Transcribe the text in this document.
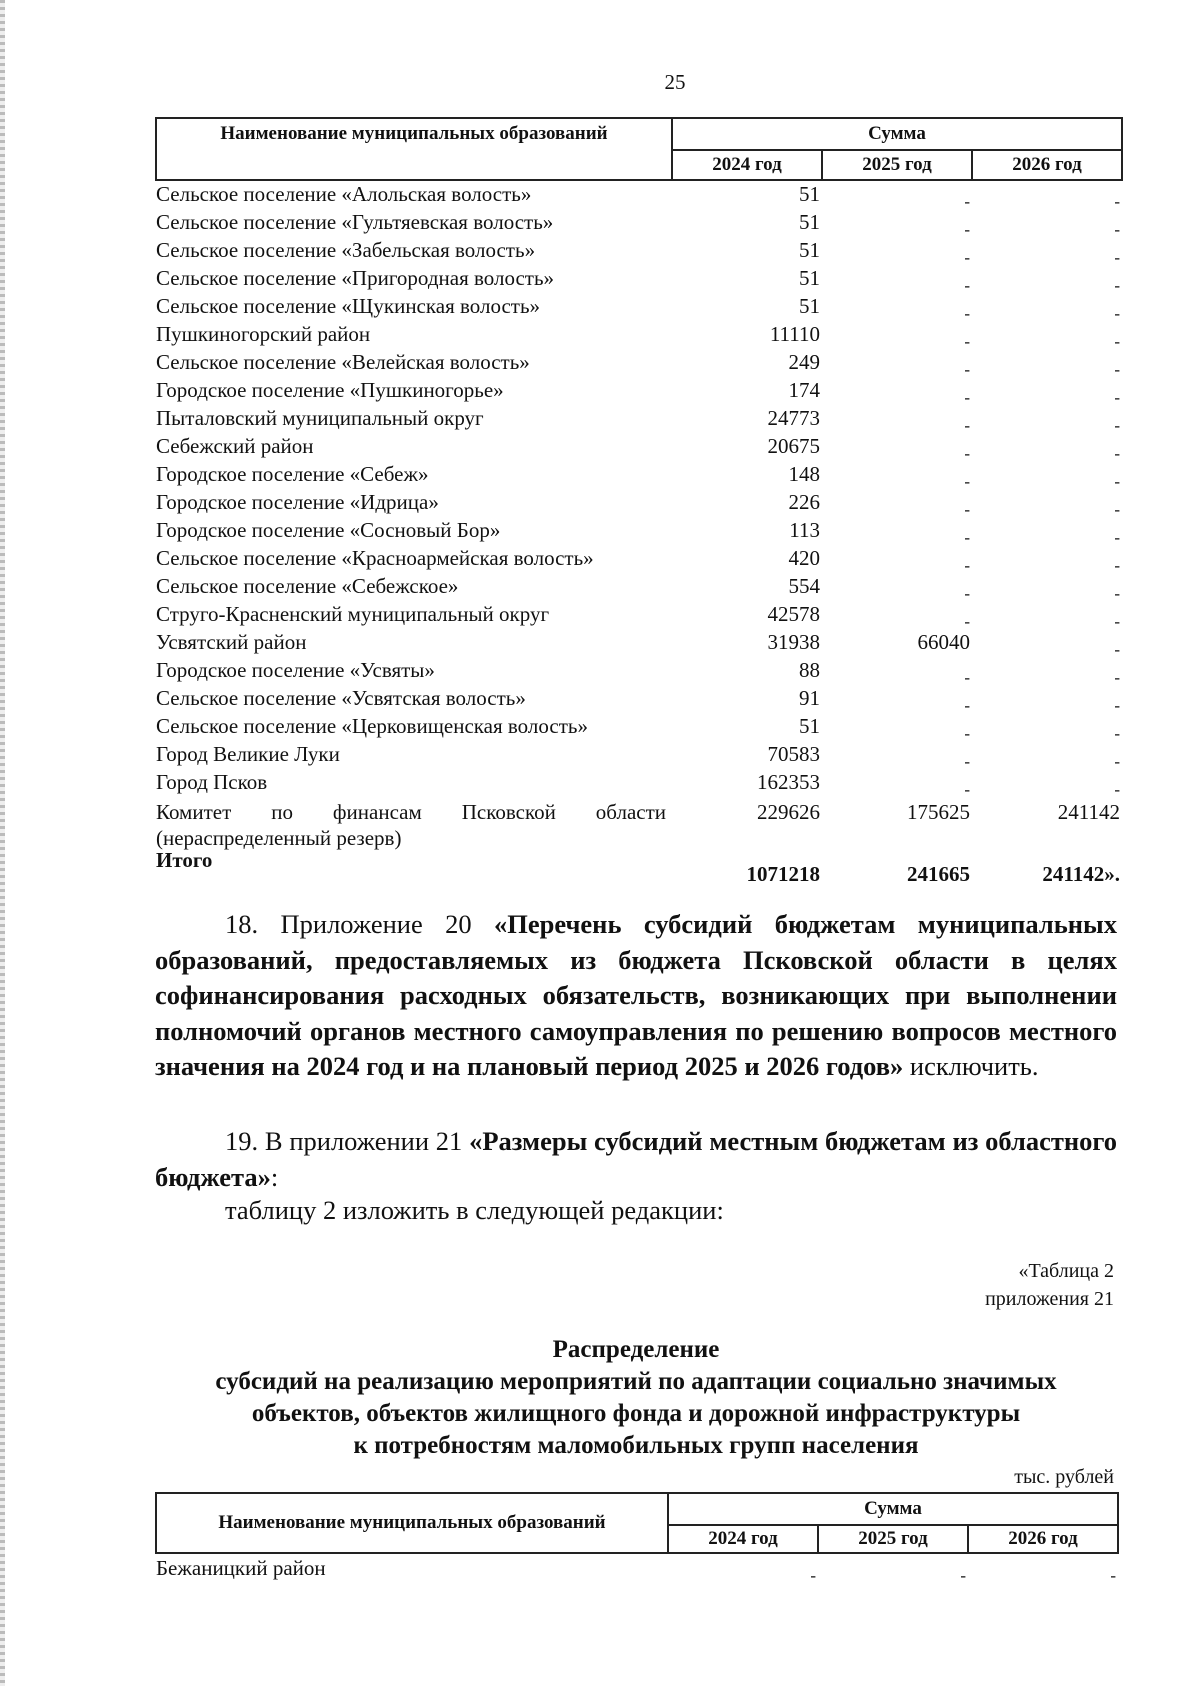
25
Наименование муниципальных образований	Сумма		
	2024 год	2025 год	2026 год
Сельское поселение «Алольская волость»	51	-	-
Сельское поселение «Гультяевская волость»	51	-	-
Сельское поселение «Забельская волость»	51	-	-
Сельское поселение «Пригородная волость»	51	-	-
Сельское поселение «Щукинская волость»	51	-	-
Пушкиногорский район	11110	-	-
Сельское поселение «Велейская волость»	249	-	-
Городское поселение «Пушкиногорье»	174	-	-
Пыталовский муниципальный округ	24773	-	-
Себежский район	20675	-	-
Городское поселение «Себеж»	148	-	-
Городское поселение «Идрица»	226	-	-
Городское поселение «Сосновый Бор»	113	-	-
Сельское поселение «Красноармейская волость»	420	-	-
Сельское поселение «Себежское»	554	-	-
Струго-Красненский муниципальный округ	42578	-	-
Усвятский район	31938	66040	-
Городское поселение «Усвяты»	88	-	-
Сельское поселение «Усвятская волость»	91	-	-
Сельское поселение «Церковищенская волость»	51	-	-
Город Великие Луки	70583	-	-
Город Псков	162353	-	-

Комитет по финансам Псковской области
(нераспределенный резерв)	229626	175625	241142
Итого	1071218	241665	241142».
18. Приложение 20 «Перечень субсидий бюджетам муниципальных образований, предоставляемых из бюджета Псковской области в целях софинансирования расходных обязательств, возникающих при выполнении полномочий органов местного самоуправления по решению вопросов местного значения на 2024 год и на плановый период 2025 и 2026 годов» исключить.
19. В приложении 21 «Размеры субсидий местным бюджетам из областного бюджета»:
таблицу 2 изложить в следующей редакции:
«Таблица 2
приложения 21
Распределение
субсидий на реализацию мероприятий по адаптации социально значимых
объектов, объектов жилищного фонда и дорожной инфраструктуры
к потребностям маломобильных групп населения
тыс. рублей
Наименование муниципальных образований	Сумма		
	2024 год	2025 год	2026 год
Бежаницкий район	-	-	-
